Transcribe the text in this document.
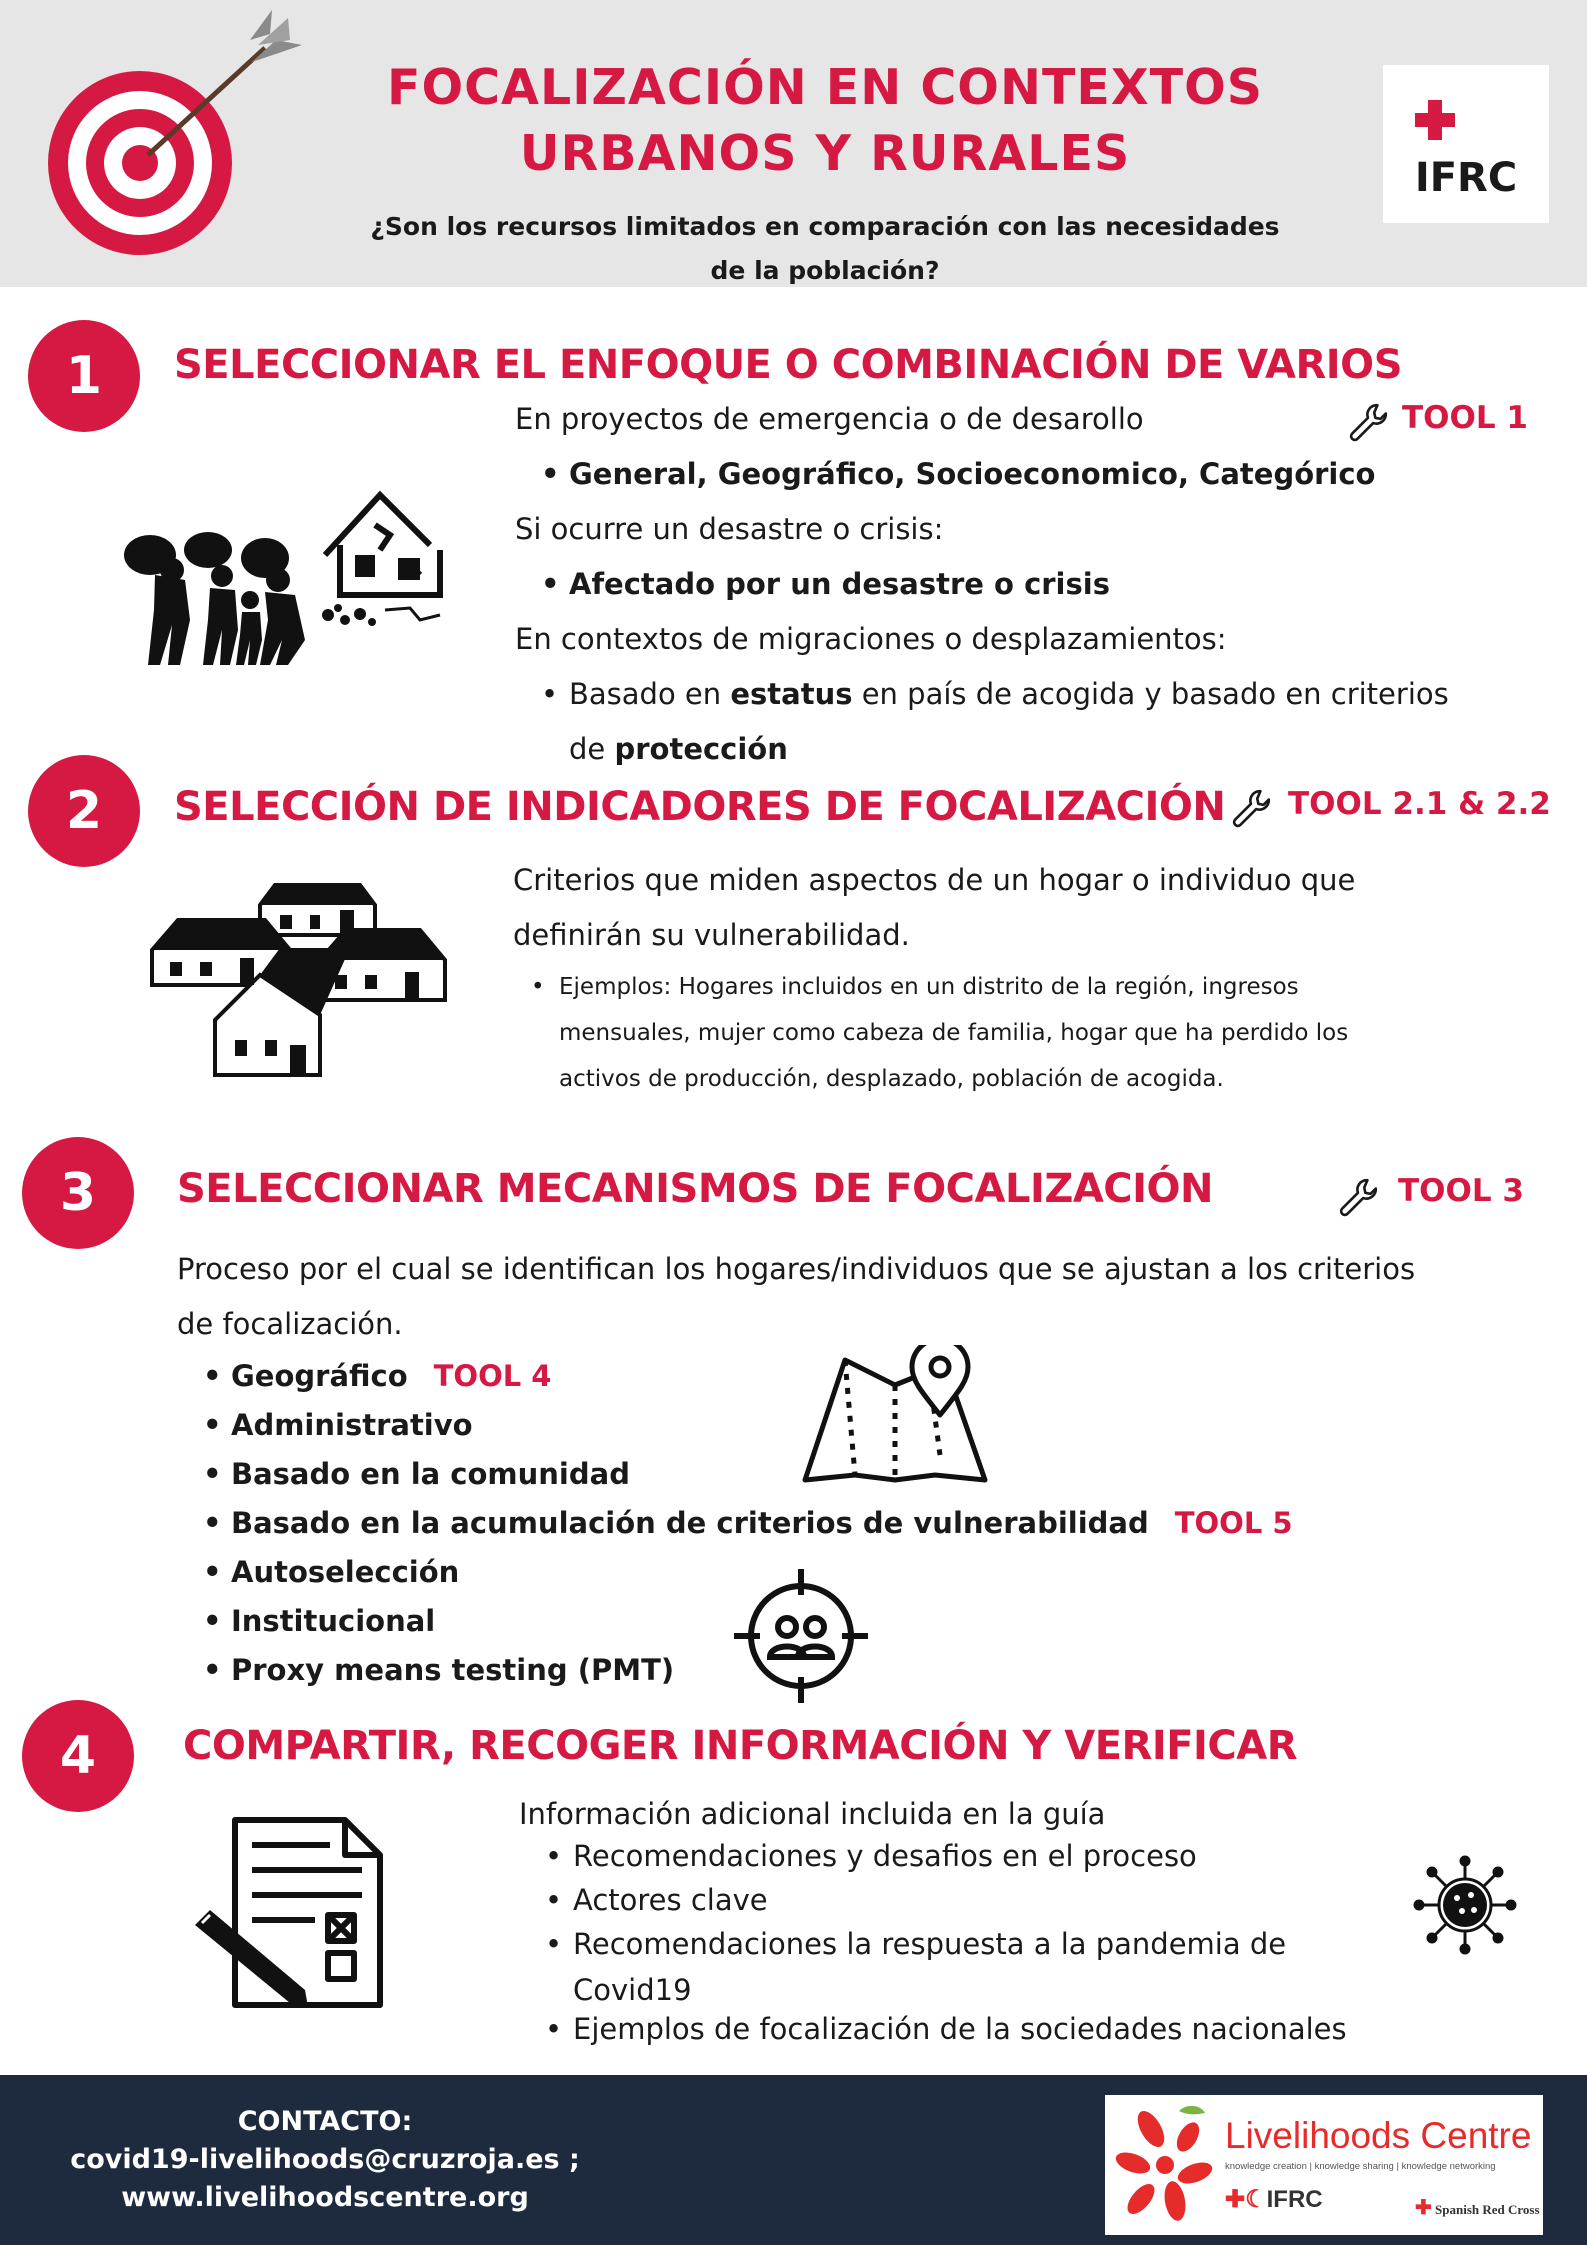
FOCALIZACIÓN EN CONTEXTOS
URBANOS Y RURALES
¿Son los recursos limitados en comparación con las necesidades
de la población?
IFRC
1	SELECCIONAR EL ENFOQUE O COMBINACIÓN DE VARIOS
TOOL 1
En proyectos de emergencia o de desarollo
• General, Geográfico, Socioeconomico, Categórico
Si ocurre un desastre o crisis:
• Afectado por un desastre o crisis
En contextos de migraciones o desplazamientos:
• Basado en estatus en país de acogida y basado en criterios
de protección
2	SELECCIÓN DE INDICADORES DE FOCALIZACIÓN TOOL 2.1 & 2.2
Criterios que miden aspectos de un hogar o individuo que
definirán su vulnerabilidad.
• Ejemplos: Hogares incluidos en un distrito de la región, ingresos
mensuales, mujer como cabeza de familia, hogar que ha perdido los
activos de producción, desplazado, población de acogida.
3	SELECCIONAR MECANISMOS DE FOCALIZACIÓN	TOOL 3
Proceso por el cual se identifican los hogares/individuos que se ajustan a los criterios
de focalización.
• Geográfico TOOL 4
• Administrativo
• Basado en la comunidad
• Basado en la acumulación de criterios de vulnerabilidad TOOL 5
• Autoselección
• Institucional
• Proxy means testing (PMT)
4	COMPARTIR, RECOGER INFORMACIÓN Y VERIFICAR
Información adicional incluida en la guía
• Recomendaciones y desafios en el proceso
• Actores clave
• Recomendaciones la respuesta a la pandemia de
• Ejemplos de focalización de la sociedades nacionales
Covid19
CONTACTO:
covid19-livelihoods@cruzroja.es ;
www.livelihoodscentre.org
Livelihoods Centre
knowledge creation | knowledge sharing | knowledge networking
✚☾IFRC	✚ Spanish Red Cross
